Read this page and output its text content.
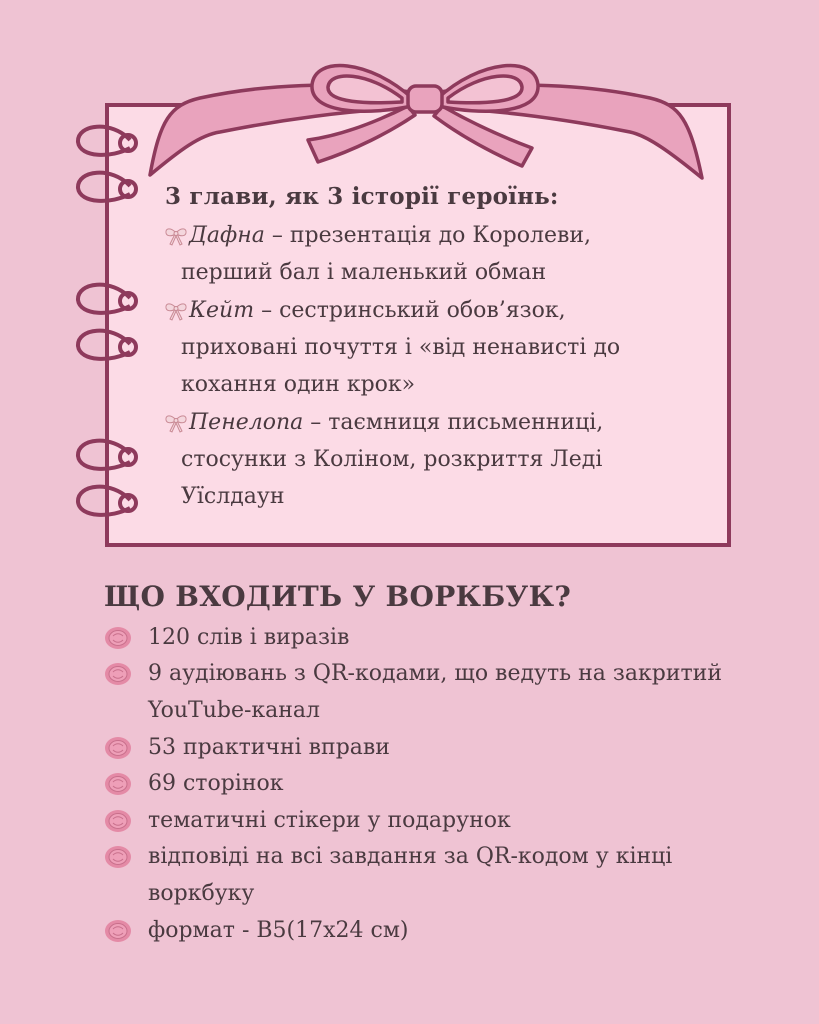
3 глави, як 3 історії героїнь:
Дафна – презентація до Королеви,
перший бал і маленький обман
Кейт – сестринський обов’язок,
приховані почуття і «від ненависті до
кохання один крок»
Пенелопа – таємниця письменниці,
стосунки з Коліном, розкриття Леді
Уїслдаун
ЩО ВХОДИТЬ У ВОРКБУК?
120 слів і виразів
9 аудіювань з QR-кодами, що ведуть на закритий
YouTube-канал
53 практичні вправи
69 сторінок
тематичні стікери у подарунок
відповіді на всі завдання за QR-кодом у кінці
воркбуку
формат - B5(17х24 см)
